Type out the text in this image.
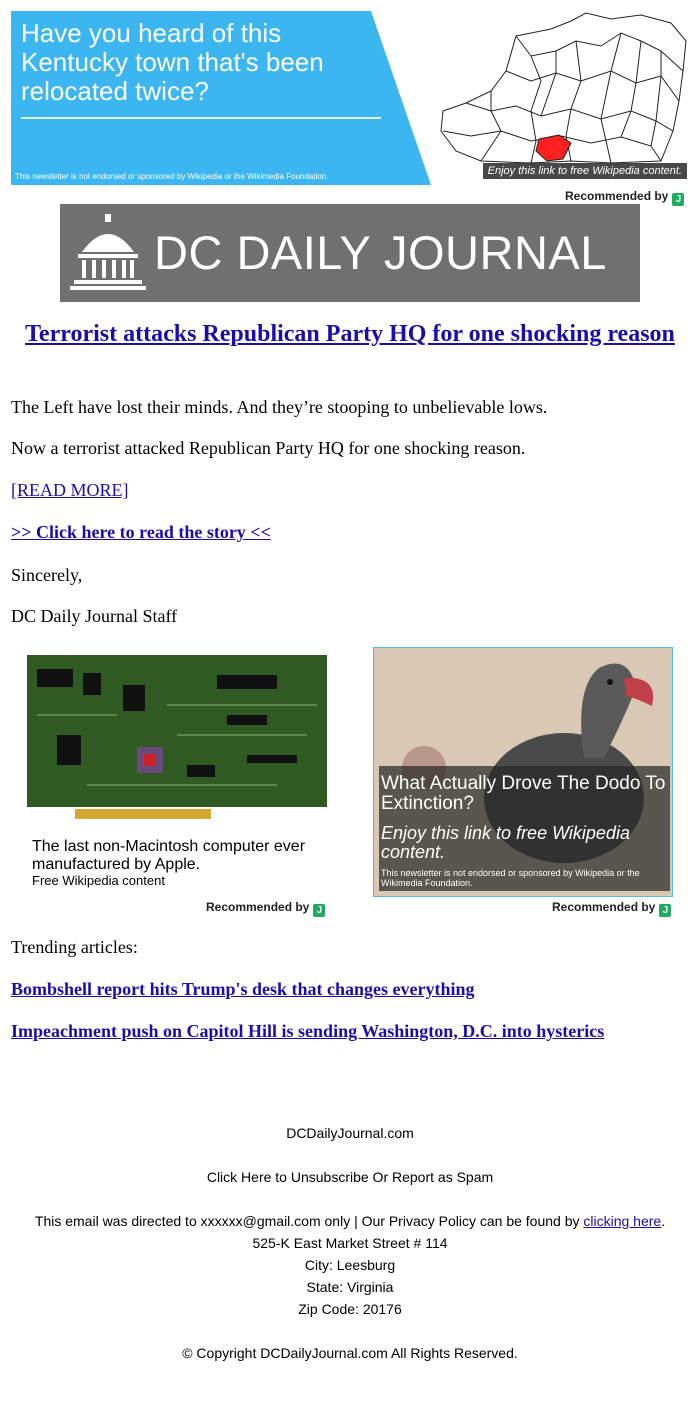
Have you heard of this Kentucky town that's been relocated twice?
This newsletter is not endorsed or sponsored by Wikipedia or the Wikimedia Foundation.	Enjoy this link to free Wikipedia content.
Recommended by J
DC DAILY JOURNAL
Terrorist attacks Republican Party HQ for one shocking reason
The Left have lost their minds. And they’re stooping to unbelievable lows.
Now a terrorist attacked Republican Party HQ for one shocking reason.
[READ MORE]
>> Click here to read the story <<
Sincerely,
DC Daily Journal Staff
The last non-Macintosh computer ever manufactured by Apple.
Free Wikipedia content
Recommended by J
What Actually Drove The Dodo To Extinction?
Enjoy this link to free Wikipedia content.
This newsletter is not endorsed or sponsored by Wikipedia or the Wikimedia Foundation.
Recommended by J
Trending articles:
Bombshell report hits Trump's desk that changes everything
Impeachment push on Capitol Hill is sending Washington, D.C. into hysterics
DCDailyJournal.com
Click Here to Unsubscribe Or Report as Spam
This email was directed to xxxxxx@gmail.com only | Our Privacy Policy can be found by clicking here.
525-K East Market Street # 114
City: Leesburg
State: Virginia
Zip Code: 20176
© Copyright DCDailyJournal.com All Rights Reserved.
